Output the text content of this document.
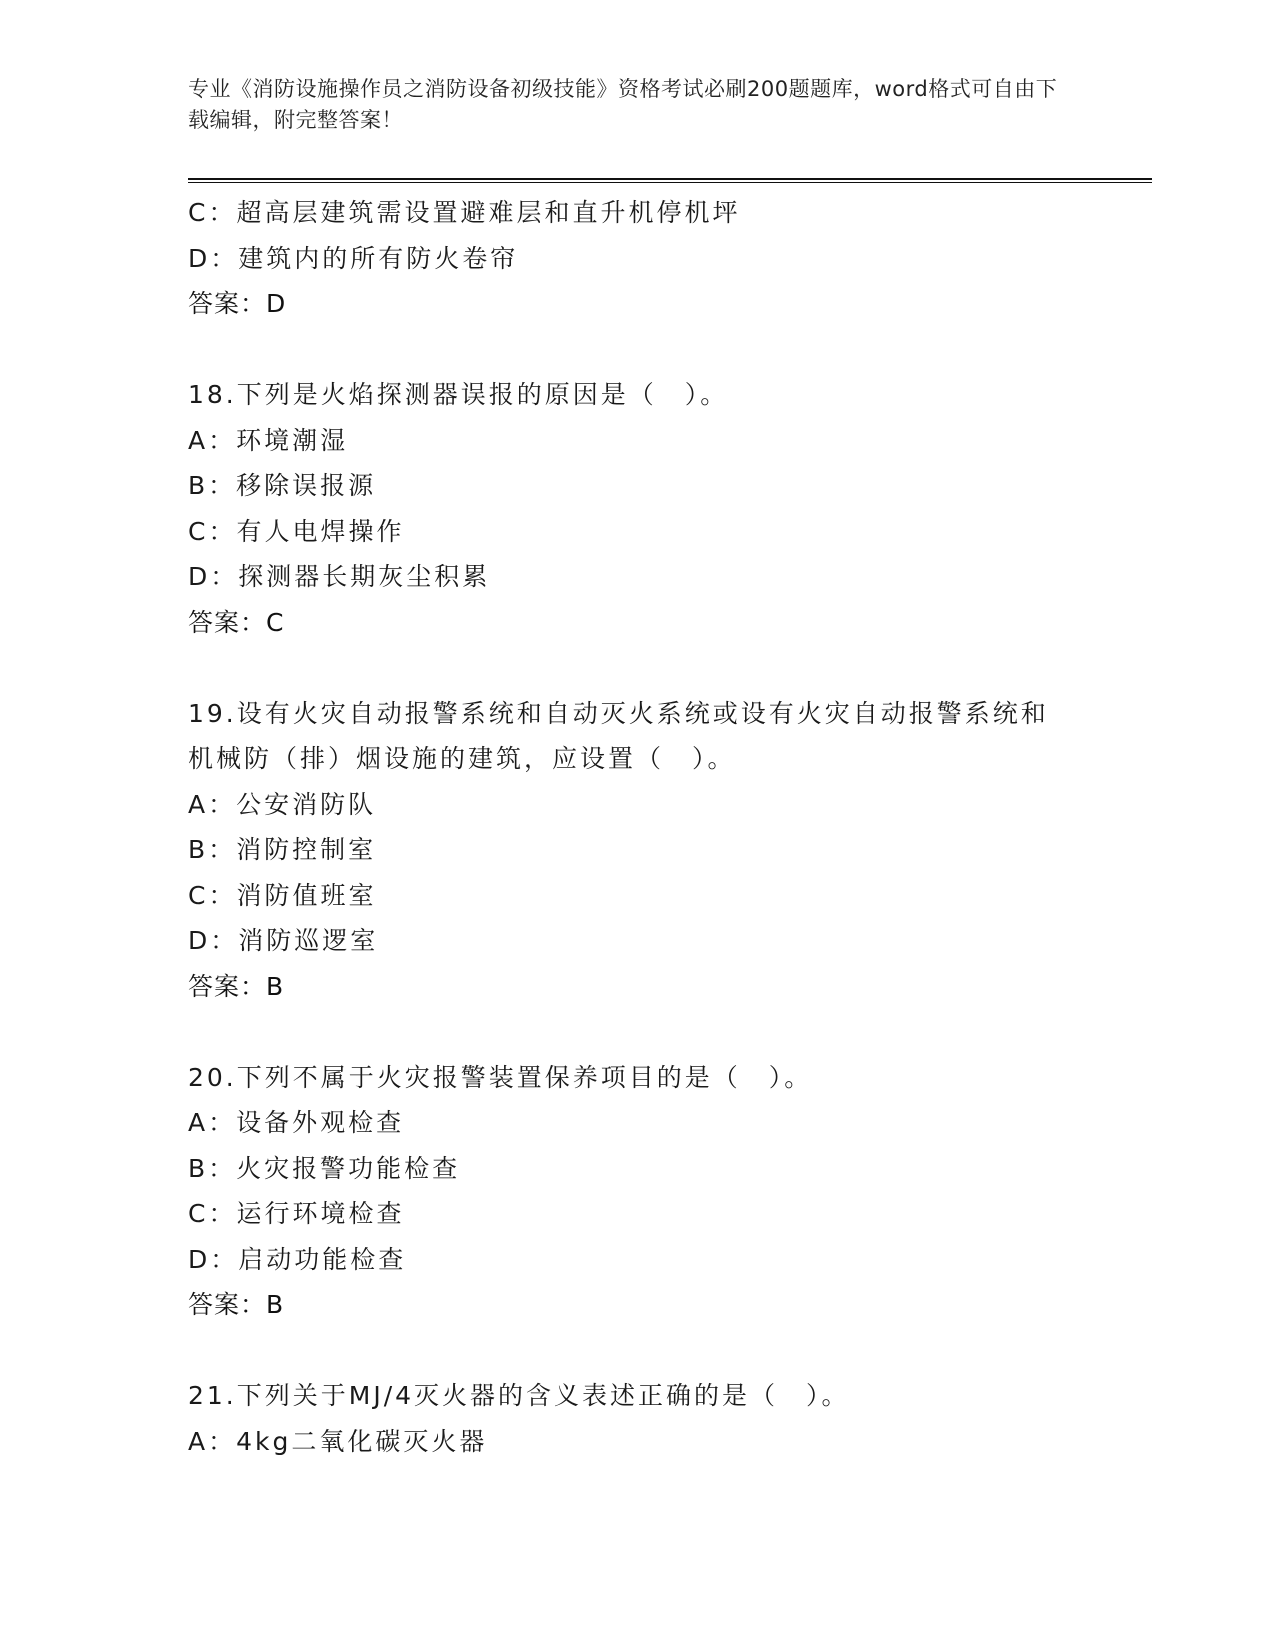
专业《消防设施操作员之消防设备初级技能》资格考试必刷200题题库，word格式可自由下载编辑，附完整答案！
C：超高层建筑需设置避难层和直升机停机坪
D：建筑内的所有防火卷帘
答案：D
18.下列是火焰探测器误报的原因是（　）。
A：环境潮湿
B：移除误报源
C：有人电焊操作
D：探测器长期灰尘积累
答案：C
19.设有火灾自动报警系统和自动灭火系统或设有火灾自动报警系统和
机械防（排）烟设施的建筑，应设置（　）。
A：公安消防队
B：消防控制室
C：消防值班室
D：消防巡逻室
答案：B
20.下列不属于火灾报警装置保养项目的是（　）。
A：设备外观检查
B：火灾报警功能检查
C：运行环境检查
D：启动功能检查
答案：B
21.下列关于MJ/4灭火器的含义表述正确的是（　）。
A：4kg二氧化碳灭火器
